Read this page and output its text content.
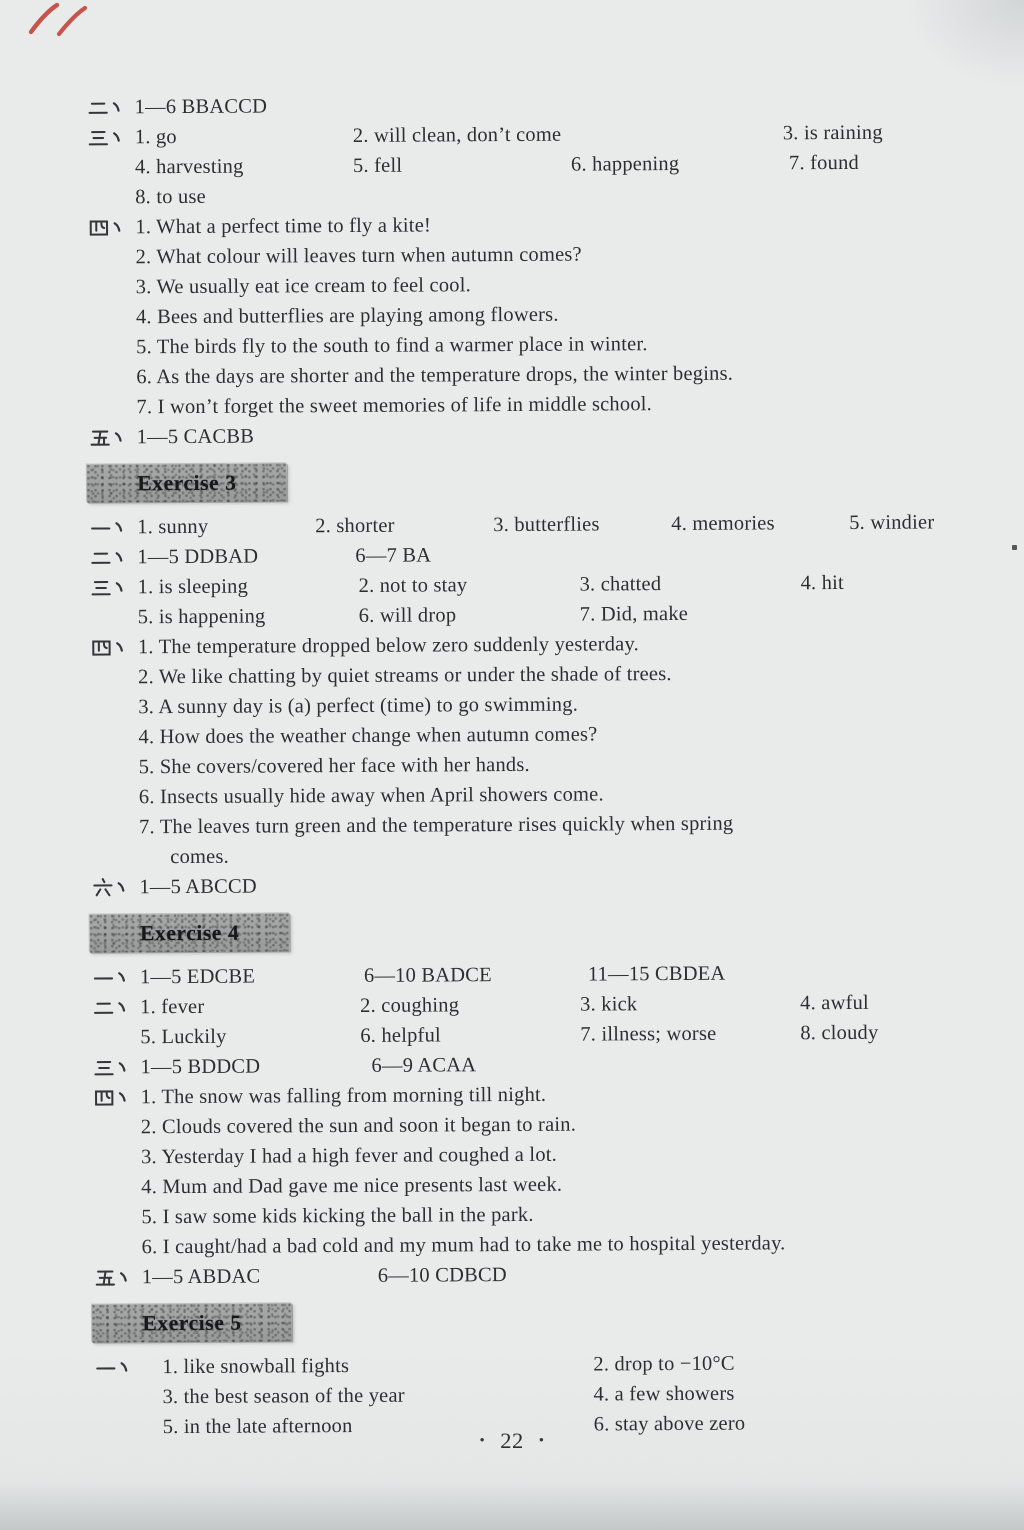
1—6 BBACCD
1. go	2. will clean, don’t come	3. is raining
4. harvesting	5. fell	6. happening	7. found
8. to use
1. What a perfect time to fly a kite!
2. What colour will leaves turn when autumn comes?
3. We usually eat ice cream to feel cool.
4. Bees and butterflies are playing among flowers.
5. The birds fly to the south to find a warmer place in winter.
6. As the days are shorter and the temperature drops, the winter begins.
7. I won’t forget the sweet memories of life in middle school.
1—5 CACBB
Exercise 3
1. sunny	2. shorter	3. butterflies	4. memories	5. windier
1—5 DDBAD	6—7 BA
1. is sleeping	2. not to stay	3. chatted	4. hit
5. is happening	6. will drop	7. Did, make
1. The temperature dropped below zero suddenly yesterday.
2. We like chatting by quiet streams or under the shade of trees.
3. A sunny day is (a) perfect (time) to go swimming.
4. How does the weather change when autumn comes?
5. She covers/covered her face with her hands.
6. Insects usually hide away when April showers come.
7. The leaves turn green and the temperature rises quickly when spring
comes.
1—5 ABCCD
Exercise 4
1—5 EDCBE	6—10 BADCE	11—15 CBDEA
1. fever	2. coughing	3. kick	4. awful
5. Luckily	6. helpful	7. illness; worse	8. cloudy
1—5 BDDCD	6—9 ACAA
1. The snow was falling from morning till night.
2. Clouds covered the sun and soon it began to rain.
3. Yesterday I had a high fever and coughed a lot.
4. Mum and Dad gave me nice presents last week.
5. I saw some kids kicking the ball in the park.
6. I caught/had a bad cold and my mum had to take me to hospital yesterday.
1—5 ABDAC	6—10 CDBCD
Exercise 5
1. like snowball fights	2. drop to −10°C
3. the best season of the year	4. a few showers
5. in the late afternoon	6. stay above zero
• 22 •
